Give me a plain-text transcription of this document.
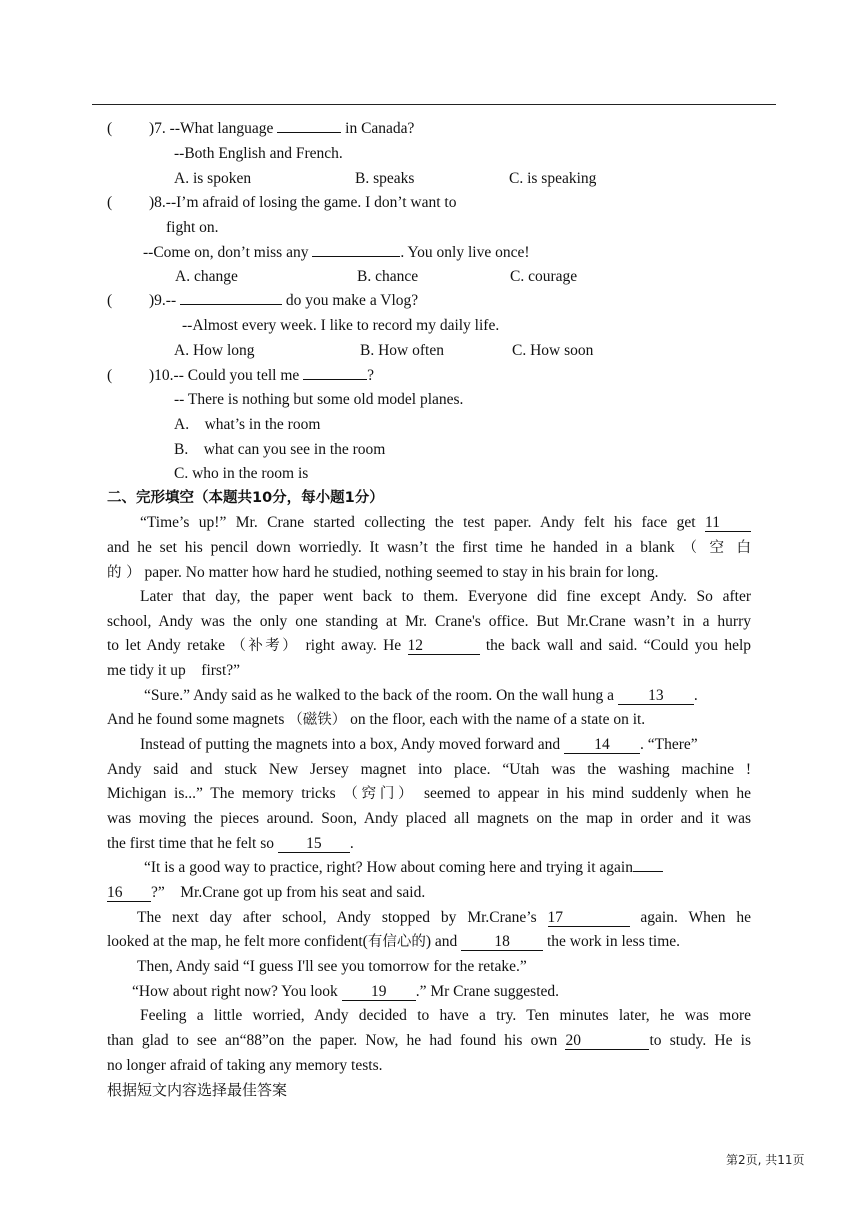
( )7. --What language	in Canada?
--Both English and French.
A. is spoken	B. speaks	C. is speaking
( )8.--I’m afraid of losing the game. I don’t want to
fight on.
--Come on, don’t miss any	. You only live once!
A. change	B. chance	C. courage
( )9.--	do you make a Vlog?
--Almost every week. I like to record my daily life.
A. How long	B. How often	C. How soon
( )10.-- Could you tell me	?
-- There is nothing but some old model planes.
A.    what’s in the room
B.    what can you see in the room
C. who in the room is
二、完形填空（本题共10分，每小题1分）
“Time’s up!” Mr. Crane started collecting the test paper. Andy felt his face get 11
and he set his pencil down worriedly. It wasn’t the first time he handed in a blank （ 空 白
的 ） paper. No matter how hard he studied, nothing seemed to stay in his brain for long.
Later that day, the paper went back to them. Everyone did fine except Andy. So after
school, Andy was the only one standing at Mr. Crane's office. But Mr.Crane wasn’t in a hurry
to let Andy retake （补考） right away. He 12	the back wall and said. “Could you help
me tidy it up    first?”
“Sure.” Andy said as he walked to the back of the room. On the wall hung a 13 .
And he found some magnets （磁铁） on the floor, each with the name of a state on it.
Instead of putting the magnets into a box, Andy moved forward and 14 . “There”
Andy said and stuck New Jersey magnet into place. “Utah was the washing machine !
Michigan is...” The memory tricks （窍门） seemed to appear in his mind suddenly when he
was moving the pieces around. Soon, Andy placed all magnets on the map in order and it was
the first time that he felt so 15 .
“It is a good way to practice, right? How about coming here and trying it again
16 ?”    Mr.Crane got up from his seat and said.
The next day after school, Andy stopped by Mr.Crane’s 17	again. When he
looked at the map, he felt more confident(有信心的) and 18 the work in less time.
Then, Andy said “I guess I'll see you tomorrow for the retake.”
“How about right now? You look 19 .” Mr Crane suggested.
Feeling a little worried, Andy decided to have a try. Ten minutes later, he was more
than glad to see an“88”on the paper. Now, he had found his own 20	to study. He is
no longer afraid of taking any memory tests.
根据短文内容选择最佳答案
第2页, 共11页
